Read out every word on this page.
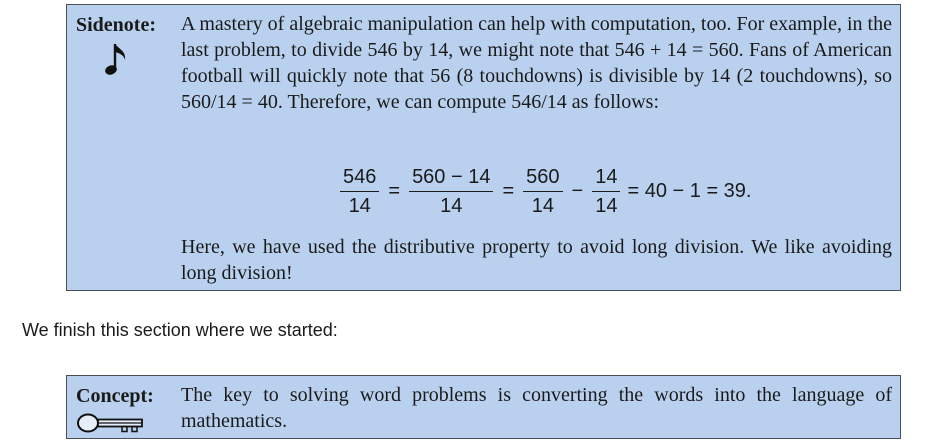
Sidenote: A mastery of algebraic manipulation can help with computation, too. For example, in the last problem, to divide 546 by 14, we might note that 546 + 14 = 560. Fans of American football will quickly note that 56 (8 touchdowns) is divisible by 14 (2 touchdowns), so 560/14 = 40. Therefore, we can compute 546/14 as follows:
$\frac{546}{14} = \frac{560 - 14}{14} = \frac{560}{14} - \frac{14}{14} = 40 - 1 = 39$.
Here, we have used the distributive property to avoid long division. We like avoiding long division!
We finish this section where we started:
Concept: The key to solving word problems is converting the words into the language of mathematics.
